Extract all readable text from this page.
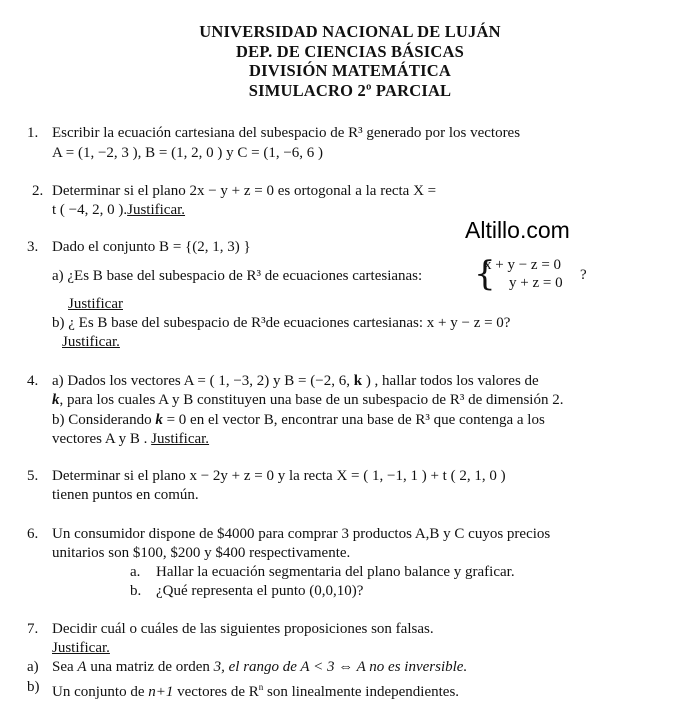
UNIVERSIDAD NACIONAL DE LUJÁN
DEP. DE CIENCIAS BÁSICAS
DIVISIÓN MATEMÁTICA
SIMULACRO 2º PARCIAL
Altillo.com
1. Escribir la ecuación cartesiana del subespacio de R³ generado por los vectores
A = (1, −2, 3 ), B = (1, 2, 0 ) y C = (1, −6, 6 )
2. Determinar si el plano 2x − y + z = 0 es ortogonal a la recta X =
t ( −4, 2, 0 ).Justificar.
3. Dado el conjunto B = {(2, 1, 3) }
a) ¿Es B base del subespacio de R³ de ecuaciones cartesianas: {
x + y − z = 0
y + z = 0 ?
Justificar
b) ¿ Es B base del subespacio de R³de ecuaciones cartesianas: x + y − z = 0?
Justificar.
4. a) Dados los vectores A = ( 1, −3, 2) y B = (−2, 6, k ) , hallar todos los valores de
k, para los cuales A y B constituyen una base de un subespacio de R³ de dimensión 2.
b) Considerando k = 0 en el vector B, encontrar una base de R³ que contenga a los
vectores A y B . Justificar.
5. Determinar si el plano x − 2y + z = 0 y la recta X = ( 1, −1, 1 ) + t ( 2, 1, 0 )
tienen puntos en común.
6. Un consumidor dispone de $4000 para comprar 3 productos A,B y C cuyos precios
unitarios son $100, $200 y $400 respectivamente.
a. Hallar la ecuación segmentaria del plano balance y graficar.
b. ¿Qué representa el punto (0,0,10)?
7. Decidir cuál o cuáles de las siguientes proposiciones son falsas.
Justificar.
a) Sea A una matriz de orden 3, el rango de A < 3 ⇔ A no es inversible.
b) Un conjunto de n+1 vectores de $R^n$ son linealmente independientes.
